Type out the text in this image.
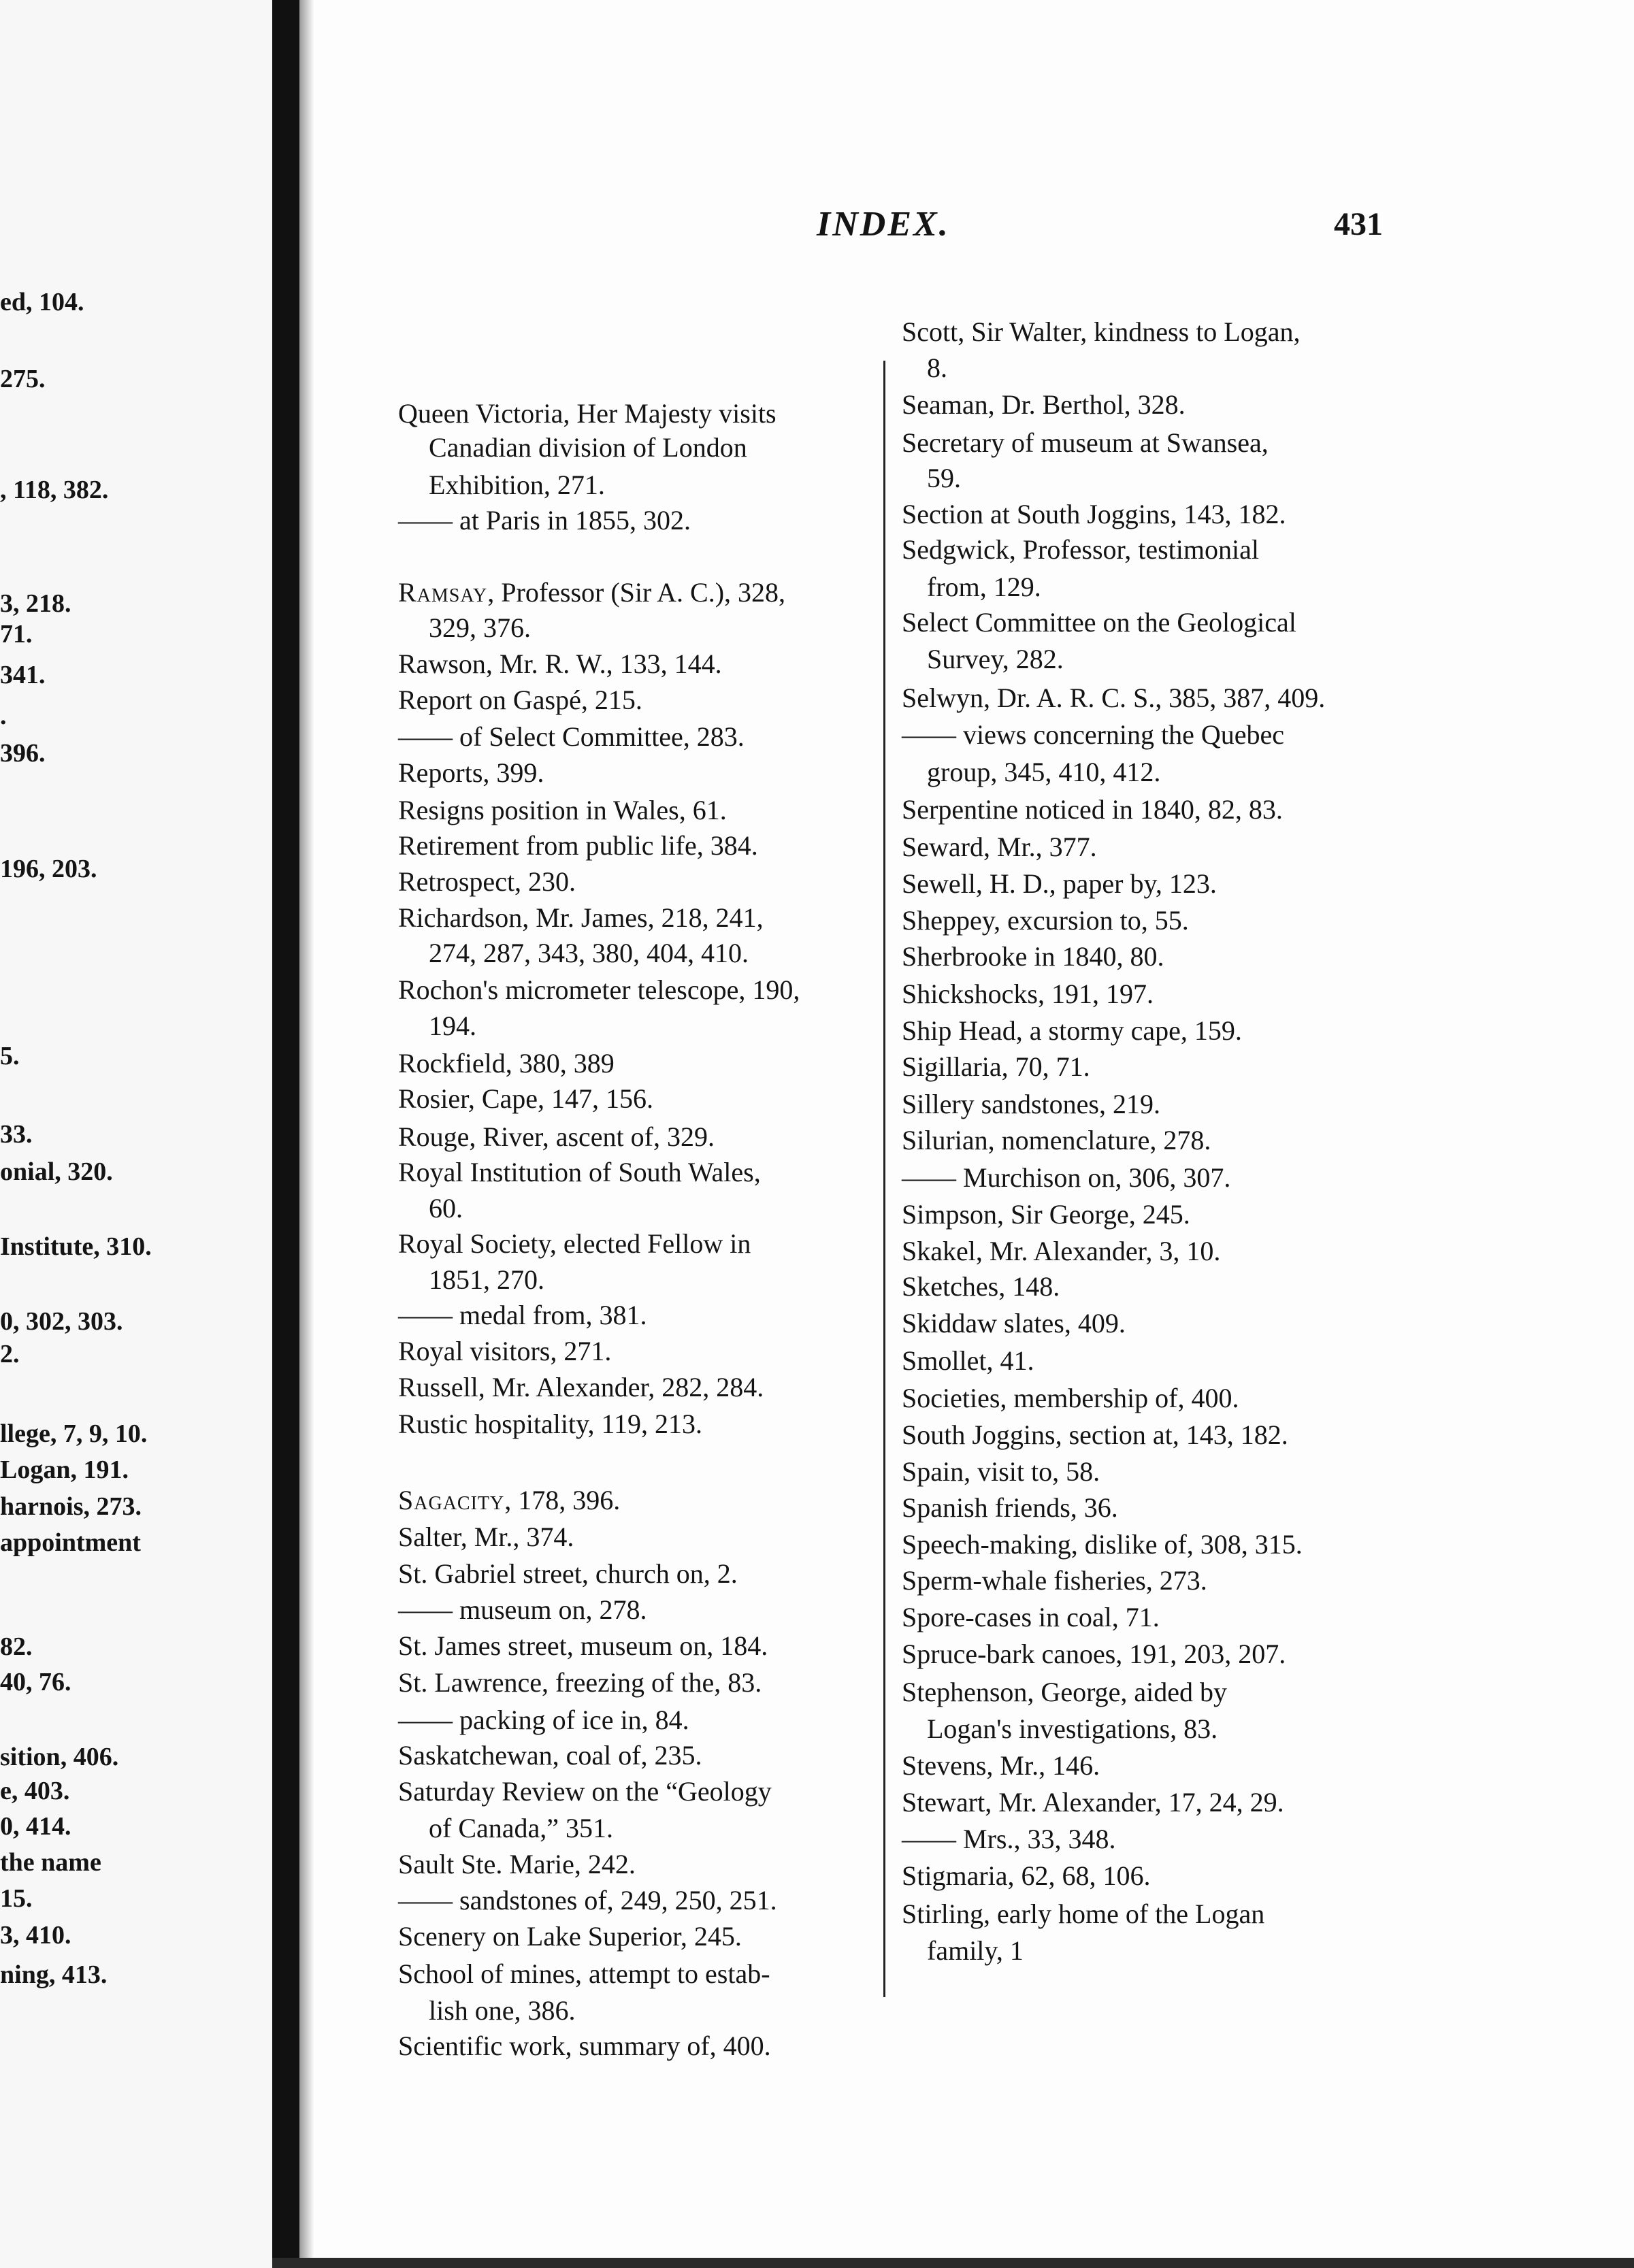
ed, 104.
275.
, 118, 382.
3, 218.
71.
341.
.
396.
196, 203.
5.
33.
onial, 320.
Institute, 310.
0, 302, 303.
2.
llege, 7, 9, 10.
Logan, 191.
harnois, 273.
appointment
82.
40, 76.
sition, 406.
e, 403.
0, 414.
the name
15.
3, 410.
ning, 413.
INDEX.	431
Queen Victoria, Her Majesty visits
Canadian division of London
Exhibition, 271.
—— at Paris in 1855, 302.
Ramsay, Professor (Sir A. C.), 328,
329, 376.
Rawson, Mr. R. W., 133, 144.
Report on Gaspé, 215.
—— of Select Committee, 283.
Reports, 399.
Resigns position in Wales, 61.
Retirement from public life, 384.
Retrospect, 230.
Richardson, Mr. James, 218, 241,
274, 287, 343, 380, 404, 410.
Rochon's micrometer telescope, 190,
194.
Rockfield, 380, 389
Rosier, Cape, 147, 156.
Rouge, River, ascent of, 329.
Royal Institution of South Wales,
60.
Royal Society, elected Fellow in
1851, 270.
—— medal from, 381.
Royal visitors, 271.
Russell, Mr. Alexander, 282, 284.
Rustic hospitality, 119, 213.
Sagacity, 178, 396.
Salter, Mr., 374.
St. Gabriel street, church on, 2.
—— museum on, 278.
St. James street, museum on, 184.
St. Lawrence, freezing of the, 83.
—— packing of ice in, 84.
Saskatchewan, coal of, 235.
Saturday Review on the “Geology
of Canada,” 351.
Sault Ste. Marie, 242.
—— sandstones of, 249, 250, 251.
Scenery on Lake Superior, 245.
School of mines, attempt to estab-
lish one, 386.
Scientific work, summary of, 400.
Scott, Sir Walter, kindness to Logan,
8.
Seaman, Dr. Berthol, 328.
Secretary of museum at Swansea,
59.
Section at South Joggins, 143, 182.
Sedgwick, Professor, testimonial
from, 129.
Select Committee on the Geological
Survey, 282.
Selwyn, Dr. A. R. C. S., 385, 387, 409.
—— views concerning the Quebec
group, 345, 410, 412.
Serpentine noticed in 1840, 82, 83.
Seward, Mr., 377.
Sewell, H. D., paper by, 123.
Sheppey, excursion to, 55.
Sherbrooke in 1840, 80.
Shickshocks, 191, 197.
Ship Head, a stormy cape, 159.
Sigillaria, 70, 71.
Sillery sandstones, 219.
Silurian, nomenclature, 278.
—— Murchison on, 306, 307.
Simpson, Sir George, 245.
Skakel, Mr. Alexander, 3, 10.
Sketches, 148.
Skiddaw slates, 409.
Smollet, 41.
Societies, membership of, 400.
South Joggins, section at, 143, 182.
Spain, visit to, 58.
Spanish friends, 36.
Speech-making, dislike of, 308, 315.
Sperm-whale fisheries, 273.
Spore-cases in coal, 71.
Spruce-bark canoes, 191, 203, 207.
Stephenson, George, aided by
Logan's investigations, 83.
Stevens, Mr., 146.
Stewart, Mr. Alexander, 17, 24, 29.
—— Mrs., 33, 348.
Stigmaria, 62, 68, 106.
Stirling, early home of the Logan
family, 1
